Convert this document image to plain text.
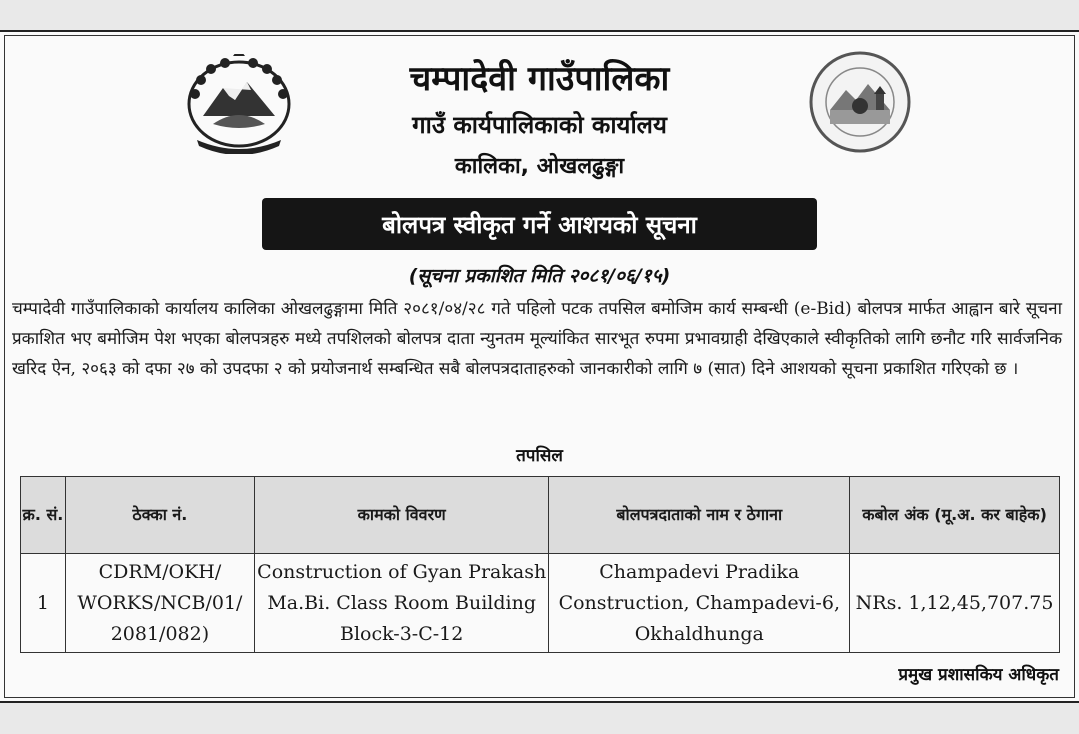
चम्पादेवी गाउँपालिका
गाउँ कार्यपालिकाको कार्यालय
कालिका, ओखलढुङ्गा
बोलपत्र स्वीकृत गर्ने आशयको सूचना
(सूचना प्रकाशित मिति २०८१/०६/१५)
चम्पादेवी गाउँपालिकाको कार्यालय कालिका ओखलढुङ्गामा मिति २०८१/०४/२८ गते पहिलो पटक तपसिल बमोजिम कार्य सम्बन्धी (e-Bid) बोलपत्र मार्फत आह्वान बारे सूचना प्रकाशित भए बमोजिम पेश भएका बोलपत्रहरु मध्ये तपशिलको बोलपत्र दाता न्युनतम मूल्यांकित सारभूत रुपमा प्रभावग्राही देखिएकाले स्वीकृतिको लागि छनौट गरि सार्वजनिक खरिद ऐन, २०६३ को दफा २७ को उपदफा २ को प्रयोजनार्थ सम्बन्धित सबै बोलपत्रदाताहरुको जानकारीको लागि ७ (सात) दिने आशयको सूचना प्रकाशित गरिएको छ ।
तपसिल
क्र. सं.	ठेक्का नं.	कामको विवरण	बोलपत्रदाताको नाम र ठेगाना	कबोल अंक (मू.अ. कर बाहेक)
1	CDRM/OKH/ WORKS/NCB/01/ 2081/082)	Construction of Gyan Prakash Ma.Bi. Class Room Building Block-3-C-12	Champadevi Pradika Construction, Champadevi-6, Okhaldhunga	NRs. 1,12,45,707.75
प्रमुख प्रशासकिय अधिकृत
